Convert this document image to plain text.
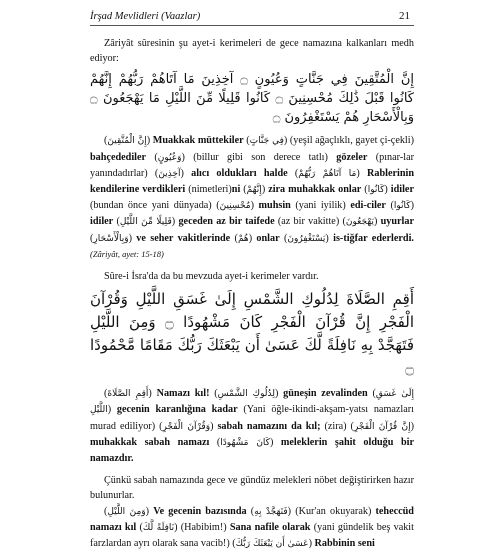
İrşad Mevlidleri (Vaazlar)	21

Zâriyât sûresinin şu ayet-i kerimeleri de gece namazına kalkanları medh ediyor:

إِنَّ الْمُتَّقِينَ فِي جَنَّاتٍ وَعُيُونٍ ۝ آخِذِينَ مَا آتَاهُمْ رَبُّهُمْ إِنَّهُمْ كَانُوا قَبْلَ ذَٰلِكَ مُحْسِنِينَ ۝ كَانُوا قَلِيلًا مِّنَ اللَّيْلِ مَا يَهْجَعُونَ ۝ وَبِالْأَسْحَارِ هُمْ يَسْتَغْفِرُونَ ۝

(إِنَّ الْمُتَّقِينَ) Muakkak müttekiler (فِي جَنَّاتٍ) (yeşil ağaçlıklı, gayet çi-çekli) bahçedediler (وَعُيُونٍ) (billur gibi son derece tatlı) gözeler (pınar-lar yanındadırlar) (آخِذِينَ) alıcı oldukları halde (مَا آتَاهُمْ رَبُّهُمْ) Rablerinin kendilerine verdikleri (nimetleri)ni (إِنَّهُمْ) zira muhakkak onlar (كَانُوا) idiler (bundan önce yani dünyada) (مُحْسِنِينَ) muhsin (yani iyilik) edi-ciler (كَانُوا) idiler (قَلِيلًا مِّنَ اللَّيْلِ) geceden az bir taifede (az bir vakitte) (يَهْجَعُونَ) uyurlar (وَبِالْأَسْحَارِ) ve seher vakitlerinde (هُمْ) onlar (يَسْتَغْفِرُونَ) is-tiğfar ederlerdi. (Zâriyât, ayet: 15-18)

Sûre-i İsra'da da bu mevzuda ayet-i kerimeler vardır.

أَقِمِ الصَّلَاةَ لِدُلُوكِ الشَّمْسِ إِلَىٰ غَسَقِ اللَّيْلِ وَقُرْآنَ الْفَجْرِ إِنَّ قُرْآنَ الْفَجْرِ كَانَ مَشْهُودًا ۝ وَمِنَ اللَّيْلِ فَتَهَجَّدْ بِهِ نَافِلَةً لَّكَ عَسَىٰ أَن يَبْعَثَكَ رَبُّكَ مَقَامًا مَّحْمُودًا ۝

(أَقِمِ الصَّلَاةَ) Namazı kıl! (لِدُلُوكِ الشَّمْسِ) güneşin zevalinden (إِلَىٰ غَسَقِ اللَّيْلِ) gecenin karanlığına kadar (Yani öğle-ikindi-akşam-yatsı namazları murad ediliyor) (وَقُرْآنَ الْفَجْرِ) sabah namazını da kıl; (zira) (إِنَّ قُرْآنَ الْفَجْرِ) muhakkak sabah namazı (كَانَ مَشْهُودًا) meleklerin şahit olduğu bir namazdır.

Çünkü sabah namazında gece ve gündüz melekleri nöbet değiştirirken hazır bulunurlar.

(وَمِنَ اللَّيْلِ) Ve gecenin bazısında (فَتَهَجَّدْ بِهِ) (Kur'an okuyarak) teheccüd namazı kıl (نَافِلَةً لَّكَ) (Habibim!) Sana nafile olarak (yani gündelik beş vakit farzlardan ayrı olarak sana vacib!) (عَسَىٰ أَن يَبْعَثَكَ رَبُّكَ) Rabbinin seni
